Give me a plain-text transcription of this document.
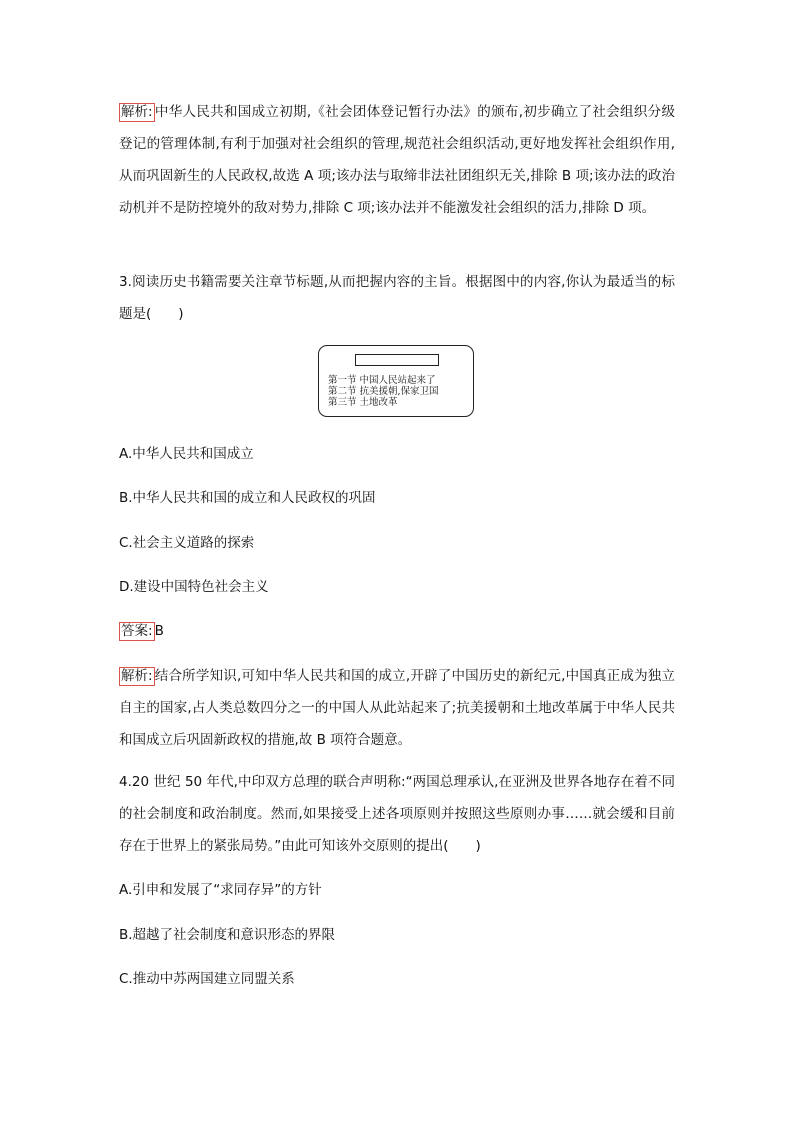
解析: 中华人民共和国成立初期,《社会团体登记暂行办法》的颁布,初步确立了社会组织分级登记的管理体制,有利于加强对社会组织的管理,规范社会组织活动,更好地发挥社会组织作用,从而巩固新生的人民政权,故选 A 项;该办法与取缔非法社团组织无关,排除 B 项;该办法的政治动机并不是防控境外的敌对势力,排除 C 项;该办法并不能激发社会组织的活力,排除 D 项。

3.阅读历史书籍需要关注章节标题,从而把握内容的主旨。根据图中的内容,你认为最适当的标题是(　　)

第一节 中国人民站起来了
第二节 抗美援朝,保家卫国
第三节 土地改革

A.中华人民共和国成立

B.中华人民共和国的成立和人民政权的巩固

C.社会主义道路的探索

D.建设中国特色社会主义

答案: B

解析: 结合所学知识,可知中华人民共和国的成立,开辟了中国历史的新纪元,中国真正成为独立自主的国家,占人类总数四分之一的中国人从此站起来了;抗美援朝和土地改革属于中华人民共和国成立后巩固新政权的措施,故 B 项符合题意。

4.20 世纪 50 年代,中印双方总理的联合声明称:“两国总理承认,在亚洲及世界各地存在着不同的社会制度和政治制度。然而,如果接受上述各项原则并按照这些原则办事……就会缓和目前存在于世界上的紧张局势。”由此可知该外交原则的提出(　　)

A.引申和发展了“求同存异”的方针

B.超越了社会制度和意识形态的界限

C.推动中苏两国建立同盟关系
